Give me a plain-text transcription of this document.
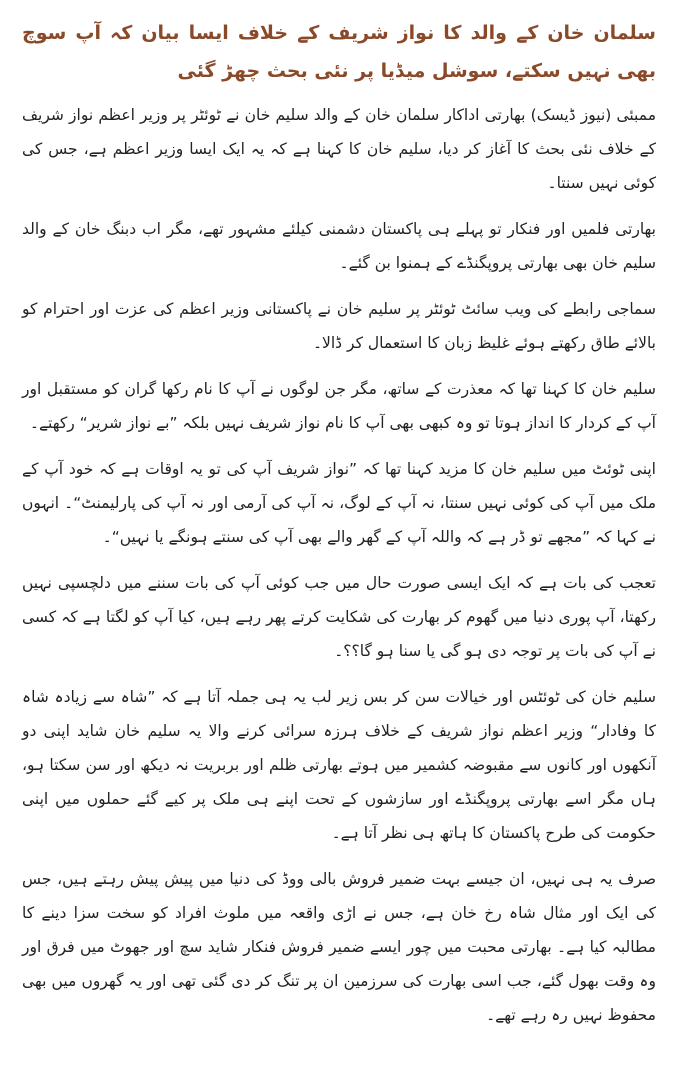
سلمان خان کے والد کا نواز شریف کے خلاف ایسا بیان کہ آپ سوچ بھی نہیں سکتے، سوشل میڈیا پر نئی بحث چھڑ گئی

ممبئی (نیوز ڈیسک) بھارتی اداکار سلمان خان کے والد سلیم خان نے ٹوئٹر پر وزیر اعظم نواز شریف کے خلاف نئی بحث کا آغاز کر دیا، سلیم خان کا کہنا ہے کہ یہ ایک ایسا وزیر اعظم ہے، جس کی کوئی نہیں سنتا۔

بھارتی فلمیں اور فنکار تو پہلے ہی پاکستان دشمنی کیلئے مشہور تھے، مگر اب دبنگ خان کے والد سلیم خان بھی بھارتی پروپگنڈے کے ہمنوا بن گئے۔

سماجی رابطے کی ویب سائٹ ٹوئٹر پر سلیم خان نے پاکستانی وزیر اعظم کی عزت اور احترام کو بالائے طاق رکھتے ہوئے غلیظ زبان کا استعمال کر ڈالا۔

سلیم خان کا کہنا تھا کہ معذرت کے ساتھ، مگر جن لوگوں نے آپ کا نام رکھا گران کو مستقبل اور آپ کے کردار کا انداز ہوتا تو وہ کبھی بھی آپ کا نام نواز شریف نہیں بلکہ ”بے نواز شریر“ رکھتے۔

اپنی ٹوئٹ میں سلیم خان کا مزید کہنا تھا کہ ”نواز شریف آپ کی تو یہ اوقات ہے کہ خود آپ کے ملک میں آپ کی کوئی نہیں سنتا، نہ آپ کے لوگ، نہ آپ کی آرمی اور نہ آپ کی پارلیمنٹ“۔ انہوں نے کہا کہ ”مجھے تو ڈر ہے کہ واللہ آپ کے گھر والے بھی آپ کی سنتے ہونگے یا نہیں“۔

تعجب کی بات ہے کہ ایک ایسی صورت حال میں جب کوئی آپ کی بات سننے میں دلچسپی نہیں رکھتا، آپ پوری دنیا میں گھوم کر بھارت کی شکایت کرتے پھر رہے ہیں، کیا آپ کو لگتا ہے کہ کسی نے آپ کی بات پر توجہ دی ہو گی یا سنا ہو گا؟؟۔

سلیم خان کی ٹوئٹس اور خیالات سن کر بس زیر لب یہ ہی جملہ آتا ہے کہ ”شاہ سے زیادہ شاہ کا وفادار“ وزیر اعظم نواز شریف کے خلاف ہرزہ سرائی کرنے والا یہ سلیم خان شاید اپنی دو آنکھوں اور کانوں سے مقبوضہ کشمیر میں ہوتے بھارتی ظلم اور بربریت نہ دیکھ اور سن سکتا ہو، ہاں مگر اسے بھارتی پروپگنڈے اور سازشوں کے تحت اپنے ہی ملک پر کیے گئے حملوں میں اپنی حکومت کی طرح پاکستان کا ہاتھ ہی نظر آتا ہے۔

صرف یہ ہی نہیں، ان جیسے بہت ضمیر فروش بالی ووڈ کی دنیا میں پیش پیش رہتے ہیں، جس کی ایک اور مثال شاہ رخ خان ہے، جس نے اڑی واقعہ میں ملوث افراد کو سخت سزا دینے کا مطالبہ کیا ہے۔ بھارتی محبت میں چور ایسے ضمیر فروش فنکار شاید سچ اور جھوٹ میں فرق اور وہ وقت بھول گئے، جب اسی بھارت کی سرزمین ان پر تنگ کر دی گئی تھی اور یہ گھروں میں بھی محفوظ نہیں رہ رہے تھے۔
